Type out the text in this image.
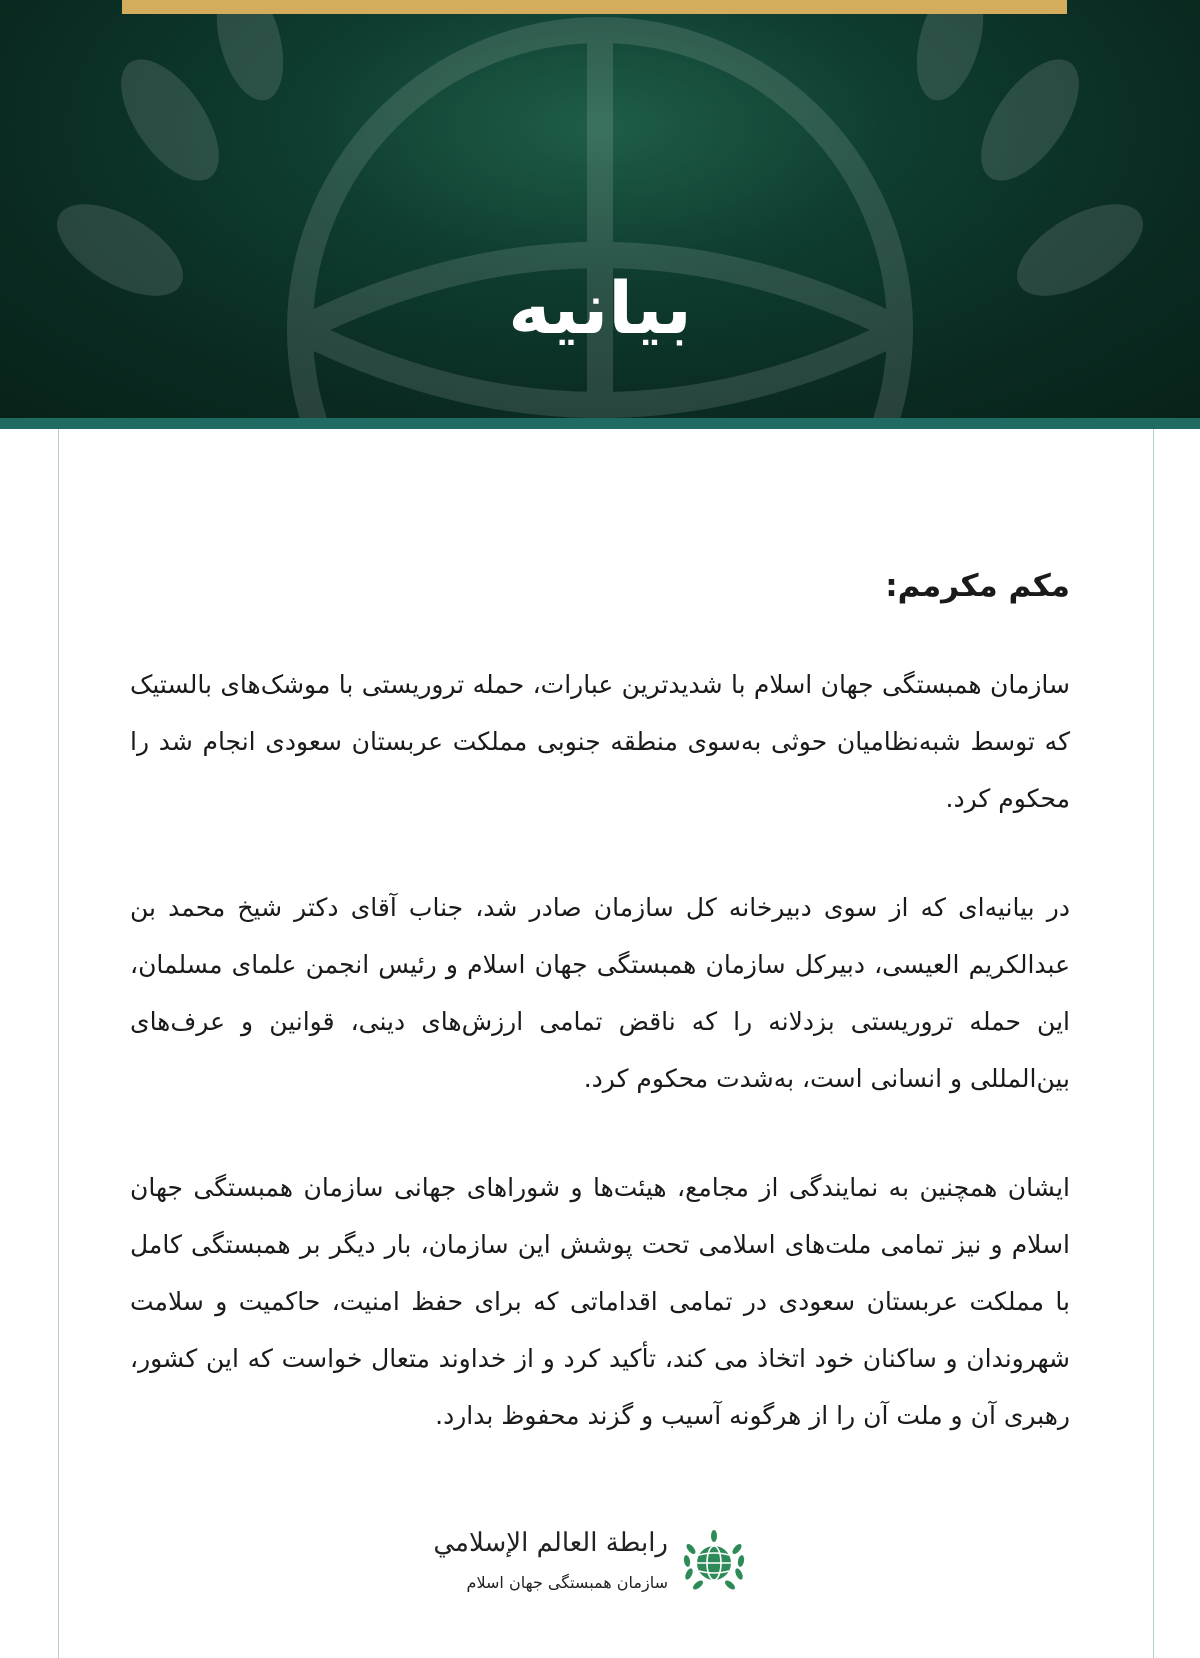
بیانیه

مکم مکرمم:

سازمان همبستگی جهان اسلام با شدیدترین عبارات، حمله تروریستی با موشک‌های بالستیک که توسط شبه‌نظامیان حوثی به‌سوی منطقه جنوبی مملکت عربستان سعودی انجام شد را محکوم کرد.

در بیانیه‌ای که از سوی دبیرخانه کل سازمان صادر شد، جناب آقای دکتر شیخ محمد بن عبدالکریم العیسی، دبیرکل سازمان همبستگی جهان اسلام و رئیس انجمن علمای مسلمان، این حمله تروریستی بزدلانه را که ناقض تمامی ارزش‌های دینی، قوانین و عرف‌های بین‌المللی و انسانی است، به‌شدت محکوم کرد.

ایشان همچنین به نمایندگی از مجامع، هیئت‌ها و شوراهای جهانی سازمان همبستگی جهان اسلام و نیز تمامی ملت‌های اسلامی تحت پوشش این سازمان، بار دیگر بر همبستگی کامل با مملکت عربستان سعودی در تمامی اقداماتی که برای حفظ امنیت، حاکمیت و سلامت شهروندان و ساکنان خود اتخاذ می کند، تأکید کرد و از خداوند متعال خواست که این کشور، رهبری آن و ملت آن را از هرگونه آسیب و گزند محفوظ بدارد.

رابطة العالم الإسلامي
سازمان همبستگی جهان اسلام
